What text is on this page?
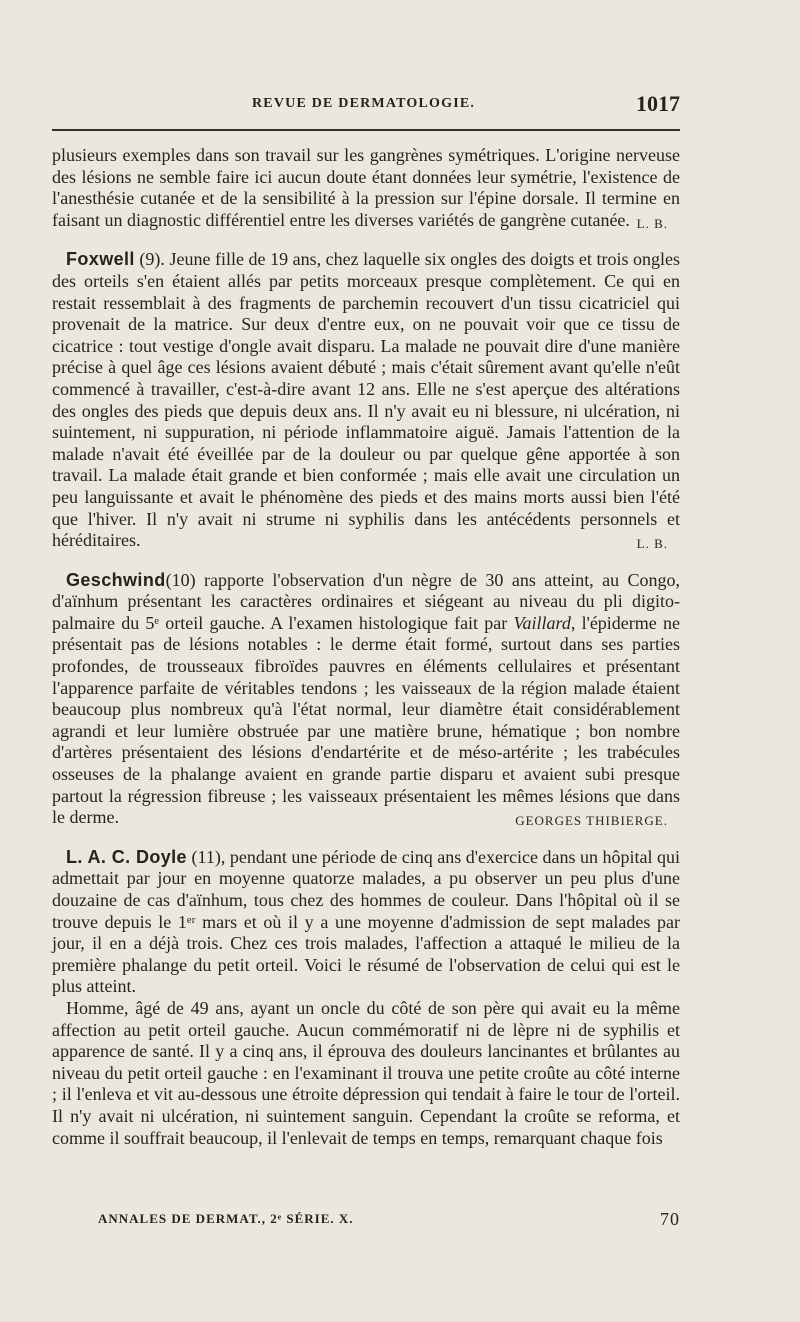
REVUE DE DERMATOLOGIE.	1017

plusieurs exemples dans son travail sur les gangrènes symétriques. L'origine nerveuse des lésions ne semble faire ici aucun doute étant données leur symétrie, l'existence de l'anesthésie cutanée et de la sensibilité à la pression sur l'épine dorsale. Il termine en faisant un diagnostic différentiel entre les diverses variétés de gangrène cutanée. L. B.

Foxwell (9). Jeune fille de 19 ans, chez laquelle six ongles des doigts et trois ongles des orteils s'en étaient allés par petits morceaux presque complètement. Ce qui en restait ressemblait à des fragments de parchemin recouvert d'un tissu cicatriciel qui provenait de la matrice. Sur deux d'entre eux, on ne pouvait voir que ce tissu de cicatrice : tout vestige d'ongle avait disparu. La malade ne pouvait dire d'une manière précise à quel âge ces lésions avaient débuté ; mais c'était sûrement avant qu'elle n'eût commencé à travailler, c'est-à-dire avant 12 ans. Elle ne s'est aperçue des altérations des ongles des pieds que depuis deux ans. Il n'y avait eu ni blessure, ni ulcération, ni suintement, ni suppuration, ni période inflammatoire aiguë. Jamais l'attention de la malade n'avait été éveillée par de la douleur ou par quelque gêne apportée à son travail. La malade était grande et bien conformée ; mais elle avait une circulation un peu languissante et avait le phénomène des pieds et des mains morts aussi bien l'été que l'hiver. Il n'y avait ni strume ni syphilis dans les antécédents personnels et héréditaires.	L. B.

Geschwind(10) rapporte l'observation d'un nègre de 30 ans atteint, au Congo, d'aïnhum présentant les caractères ordinaires et siégeant au niveau du pli digito-palmaire du 5ᵉ orteil gauche. A l'examen histologique fait par Vaillard, l'épiderme ne présentait pas de lésions notables : le derme était formé, surtout dans ses parties profondes, de trousseaux fibroïdes pauvres en éléments cellulaires et présentant l'apparence parfaite de véritables tendons ; les vaisseaux de la région malade étaient beaucoup plus nombreux qu'à l'état normal, leur diamètre était considérablement agrandi et leur lumière obstruée par une matière brune, hématique ; bon nombre d'artères présentaient des lésions d'endartérite et de méso-artérite ; les trabécules osseuses de la phalange avaient en grande partie disparu et avaient subi presque partout la régression fibreuse ; les vaisseaux présentaient les mêmes lésions que dans le derme.	GEORGES THIBIERGE.

L. A. C. Doyle (11), pendant une période de cinq ans d'exercice dans un hôpital qui admettait par jour en moyenne quatorze malades, a pu observer un peu plus d'une douzaine de cas d'aïnhum, tous chez des hommes de couleur. Dans l'hôpital où il se trouve depuis le 1ᵉʳ mars et où il y a une moyenne d'admission de sept malades par jour, il en a déjà trois. Chez ces trois malades, l'affection a attaqué le milieu de la première phalange du petit orteil. Voici le résumé de l'observation de celui qui est le plus atteint.

Homme, âgé de 49 ans, ayant un oncle du côté de son père qui avait eu la même affection au petit orteil gauche. Aucun commémoratif ni de lèpre ni de syphilis et apparence de santé. Il y a cinq ans, il éprouva des douleurs lancinantes et brûlantes au niveau du petit orteil gauche : en l'examinant il trouva une petite croûte au côté interne ; il l'enleva et vit au-dessous une étroite dépression qui tendait à faire le tour de l'orteil. Il n'y avait ni ulcération, ni suintement sanguin. Cependant la croûte se reforma, et comme il souffrait beaucoup, il l'enlevait de temps en temps, remarquant chaque fois

ANNALES DE DERMAT., 2ᵉ SÉRIE. X.	70
